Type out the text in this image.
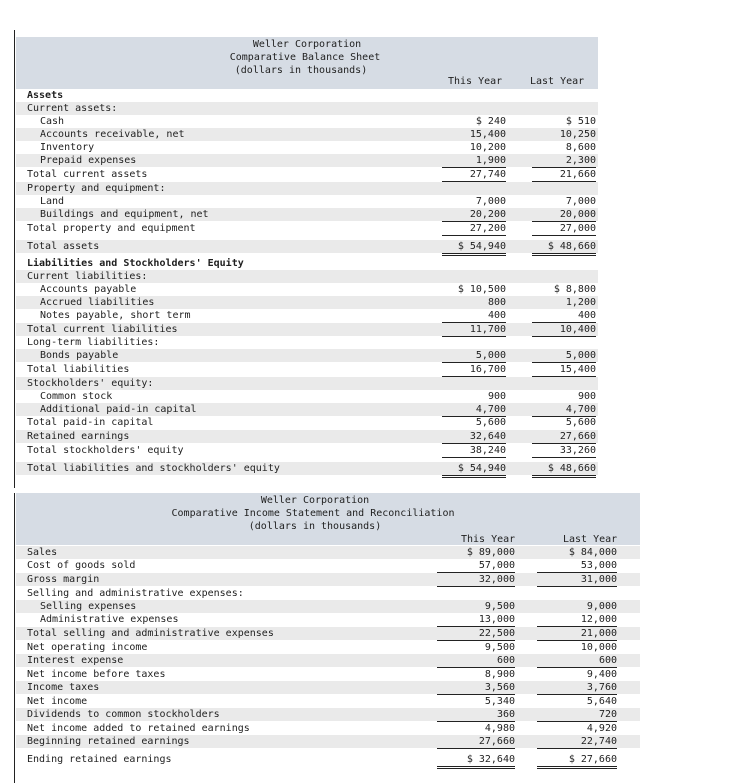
Weller Corporation
Comparative Balance Sheet
(dollars in thousands)
This Year	Last Year
Assets
Current assets:
Cash	$ 240	$ 510
Accounts receivable, net	15,400	10,250
Inventory	10,200	8,600
Prepaid expenses	1,900	2,300
Total current assets	27,740	21,660
Property and equipment:
Land	7,000	7,000
Buildings and equipment, net	20,200	20,000
Total property and equipment	27,200	27,000
Total assets	$ 54,940	$ 48,660
Liabilities and Stockholders' Equity
Current liabilities:
Accounts payable	$ 10,500	$ 8,800
Accrued liabilities	800	1,200
Notes payable, short term	400	400
Total current liabilities	11,700	10,400
Long-term liabilities:
Bonds payable	5,000	5,000
Total liabilities	16,700	15,400
Stockholders' equity:
Common stock	900	900
Additional paid-in capital	4,700	4,700
Total paid-in capital	5,600	5,600
Retained earnings	32,640	27,660
Total stockholders' equity	38,240	33,260
Total liabilities and stockholders' equity	$ 54,940	$ 48,660
Weller Corporation
Comparative Income Statement and Reconciliation
(dollars in thousands)
This Year	Last Year
Sales	$ 89,000	$ 84,000
Cost of goods sold	57,000	53,000
Gross margin	32,000	31,000
Selling and administrative expenses:
Selling expenses	9,500	9,000
Administrative expenses	13,000	12,000
Total selling and administrative expenses	22,500	21,000
Net operating income	9,500	10,000
Interest expense	600	600
Net income before taxes	8,900	9,400
Income taxes	3,560	3,760
Net income	5,340	5,640
Dividends to common stockholders	360	720
Net income added to retained earnings	4,980	4,920
Beginning retained earnings	27,660	22,740
Ending retained earnings	$ 32,640	$ 27,660
